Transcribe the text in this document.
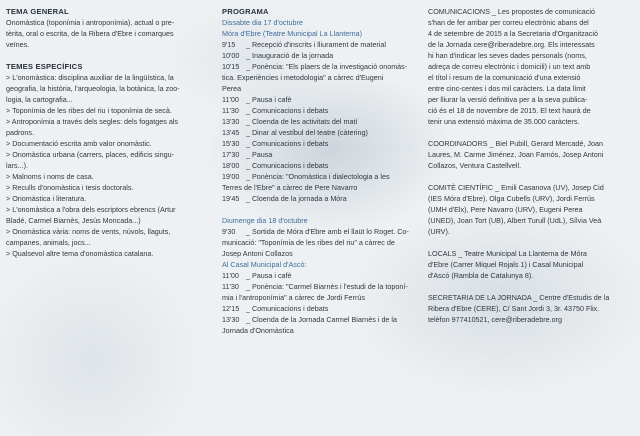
TEMA GENERAL

Onomàstica (toponímia i antroponímia), actual o pre-

tèrita, oral o escrita, de la Ribera d'Ebre i comarques

veïnes.

TEMES ESPECÍFICS

> L'onomàstica: disciplina auxiliar de la lingüística, la

geografia, la història, l'arqueologia, la botànica, la zoo-

logia, la cartografia...

> Toponímia de les ribes del riu i toponímia de secà.

> Antroponímia a través dels segles: dels fogatges als

padrons.

> Documentació escrita amb valor onomàstic.

> Onomàstica urbana (carrers, places, edificis singu-

lars...).

> Malnoms i noms de casa.

> Reculls d'onomàstica i tesis doctorals.

> Onomàstica i literatura.

> L'onomàstica a l'obra dels escriptors ebrencs (Artur

Bladé, Carmel Biarnès, Jesús Moncada...)

> Onomàstica vària: noms de vents, núvols, llaguts,

campanes, animals, jocs...

> Qualsevol altre tema d'onomàstica catalana.

PROGRAMA

Dissabte dia 17 d'octubre

Móra d'Ebre (Teatre Municipal La Llanterna)

9'15	_ Recepció d'inscrits i lliurament de material

10'00 _ Inauguració de la jornada

10'15 _ Ponència: "Els plaers de la investigació onomàs-

tica. Experiències i metodologia" a càrrec d'Eugeni

Perea

11'00 _ Pausa i cafè

11'30 _ Comunicacions i debats

13'30 _ Cloenda de les activitats del matí

13'45 _ Dinar al vestíbul del teatre (càtering)

15'30 _ Comunicacions i debats

17'30 _ Pausa

18'00 _ Comunicacions i debats

19'00 _ Ponència: "Onomàstica i dialectologia a les

Terres de l'Ebre" a càrrec de Pere Navarro

19'45 _ Cloenda de la jornada a Móra

Diumenge dia 18 d'octubre

9'30	_ Sortida de Móra d'Ebre amb el llaüt lo Roget. Co-

municació: "Toponímia de les ribes del riu" a càrrec de

Josep Antoni Collazos

Al Casal Municipal d'Ascó:

11'00 _ Pausa i cafè

11'30 _ Ponència: "Carmel Biarnès i l'estudi de la toponí-

mia i l'antroponímia" a càrrec de Jordi Ferrús

12'15 _ Comunicacions i debats

13'30 _ Cloenda de la Jornada Carmel Biarnès i de la

Jornada d'Onomàstica

COMUNICACIONS _ Les propostes de comunicació

s'han de fer arribar per correu electrònic abans del

4 de setembre de 2015 a la Secretaria d'Organització

de la Jornada cere@riberadebre.org. Els interessats

hi han d'indicar les seves dades personals (noms,

adreça de correu electrònic i domicili) i un text amb

el títol i resum de la comunicació d'una extensió

entre cinc-centes i dos mil caràcters. La data límit

per lliurar la versió definitiva per a la seva publica-

ció és el 18 de novembre de 2015. El text haurà de

tenir una extensió màxima de 35.000 caràcters.

COORDINADORS _ Biel Pubill, Gerard Mercadé, Joan

Laures, M. Carme Jiménez, Joan Farnós, Josep Antoni

Collazos, Ventura Castellvell.

COMITÈ CIENTÍFIC _ Emili Casanova (UV), Josep Cid

(IES Móra d'Ebre), Olga Cubells (URV), Jordi Ferrús

(UMH d'Elx), Pere Navarro (URV), Eugeni Perea

(UNED), Joan Tort (UB), Albert Turull (UdL), Sílvia Veà

(URV).

LOCALS _ Teatre Municipal La Llanterna de Móra

d'Ebre (Carrer Miquel Rojals 1) i Casal Municipal

d'Ascó (Rambla de Catalunya 8).

SECRETARIA DE LA JORNADA _ Centre d'Estudis de la

Ribera d'Ebre (CERE), C/ Sant Jordi 3, 3r. 43750 Flix.

telèfon 977410521, cere@riberadebre.org
